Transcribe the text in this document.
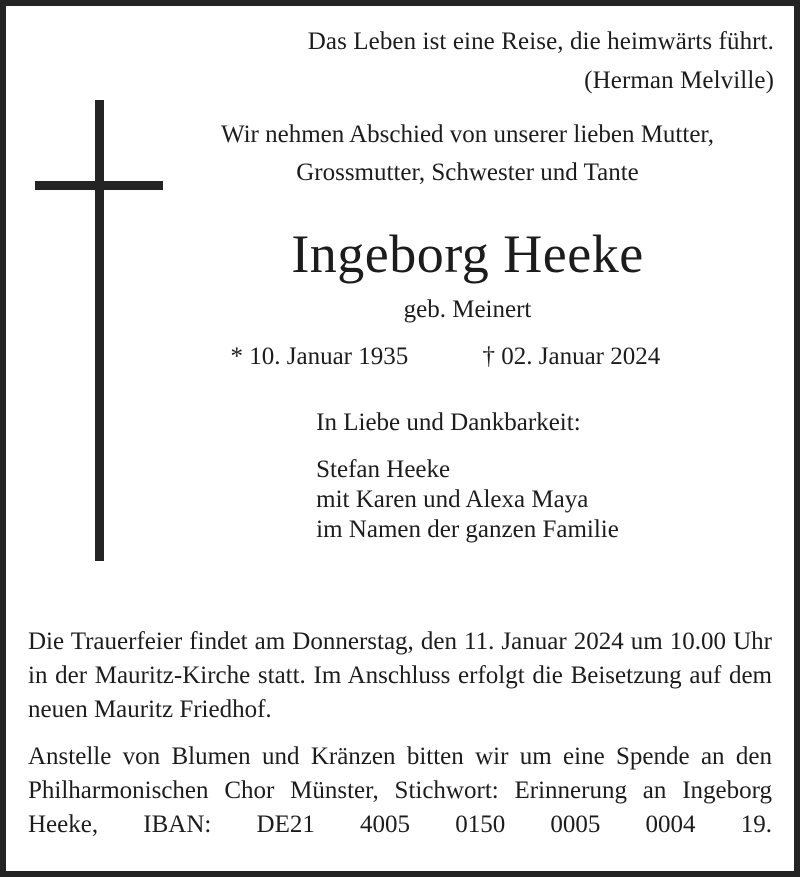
Das Leben ist eine Reise, die heimwärts führt.
(Herman Melville)
Wir nehmen Abschied von unserer lieben Mutter,
Grossmutter, Schwester und Tante
Ingeborg Heeke
geb. Meinert
* 10. Januar 1935	† 02. Januar 2024
In Liebe und Dankbarkeit:
Stefan Heeke
mit Karen und Alexa Maya
im Namen der ganzen Familie

Die Trauerfeier findet am Donnerstag, den 11. Januar 2024 um 10.00 Uhr in der Mauritz-Kirche statt. Im Anschluss erfolgt die Beisetzung auf dem neuen Mauritz Friedhof.

Anstelle von Blumen und Kränzen bitten wir um eine Spende an den Philharmonischen Chor Münster, Stichwort: Erinnerung an Ingeborg Heeke, IBAN: DE21 4005 0150 0005 0004 19.
